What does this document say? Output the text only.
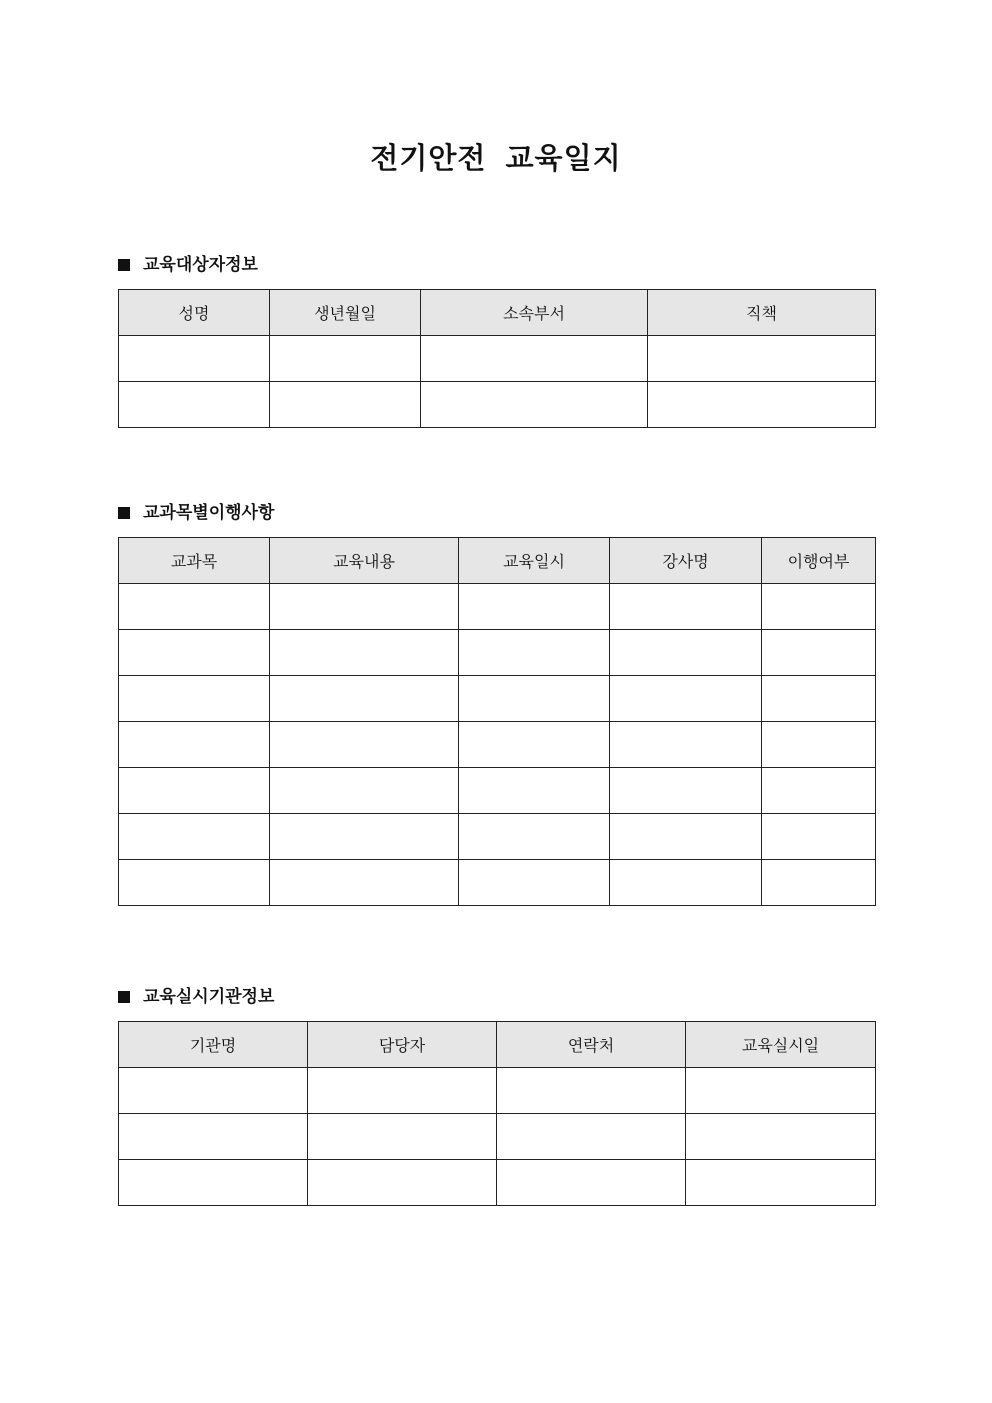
전기안전 교육일지
교육대상자정보
성명	생년월일	소속부서	직책

교과목별이행사항
교과목	교육내용	교육일시	강사명	이행여부

교육실시기관정보
기관명	담당자	연락처	교육실시일
